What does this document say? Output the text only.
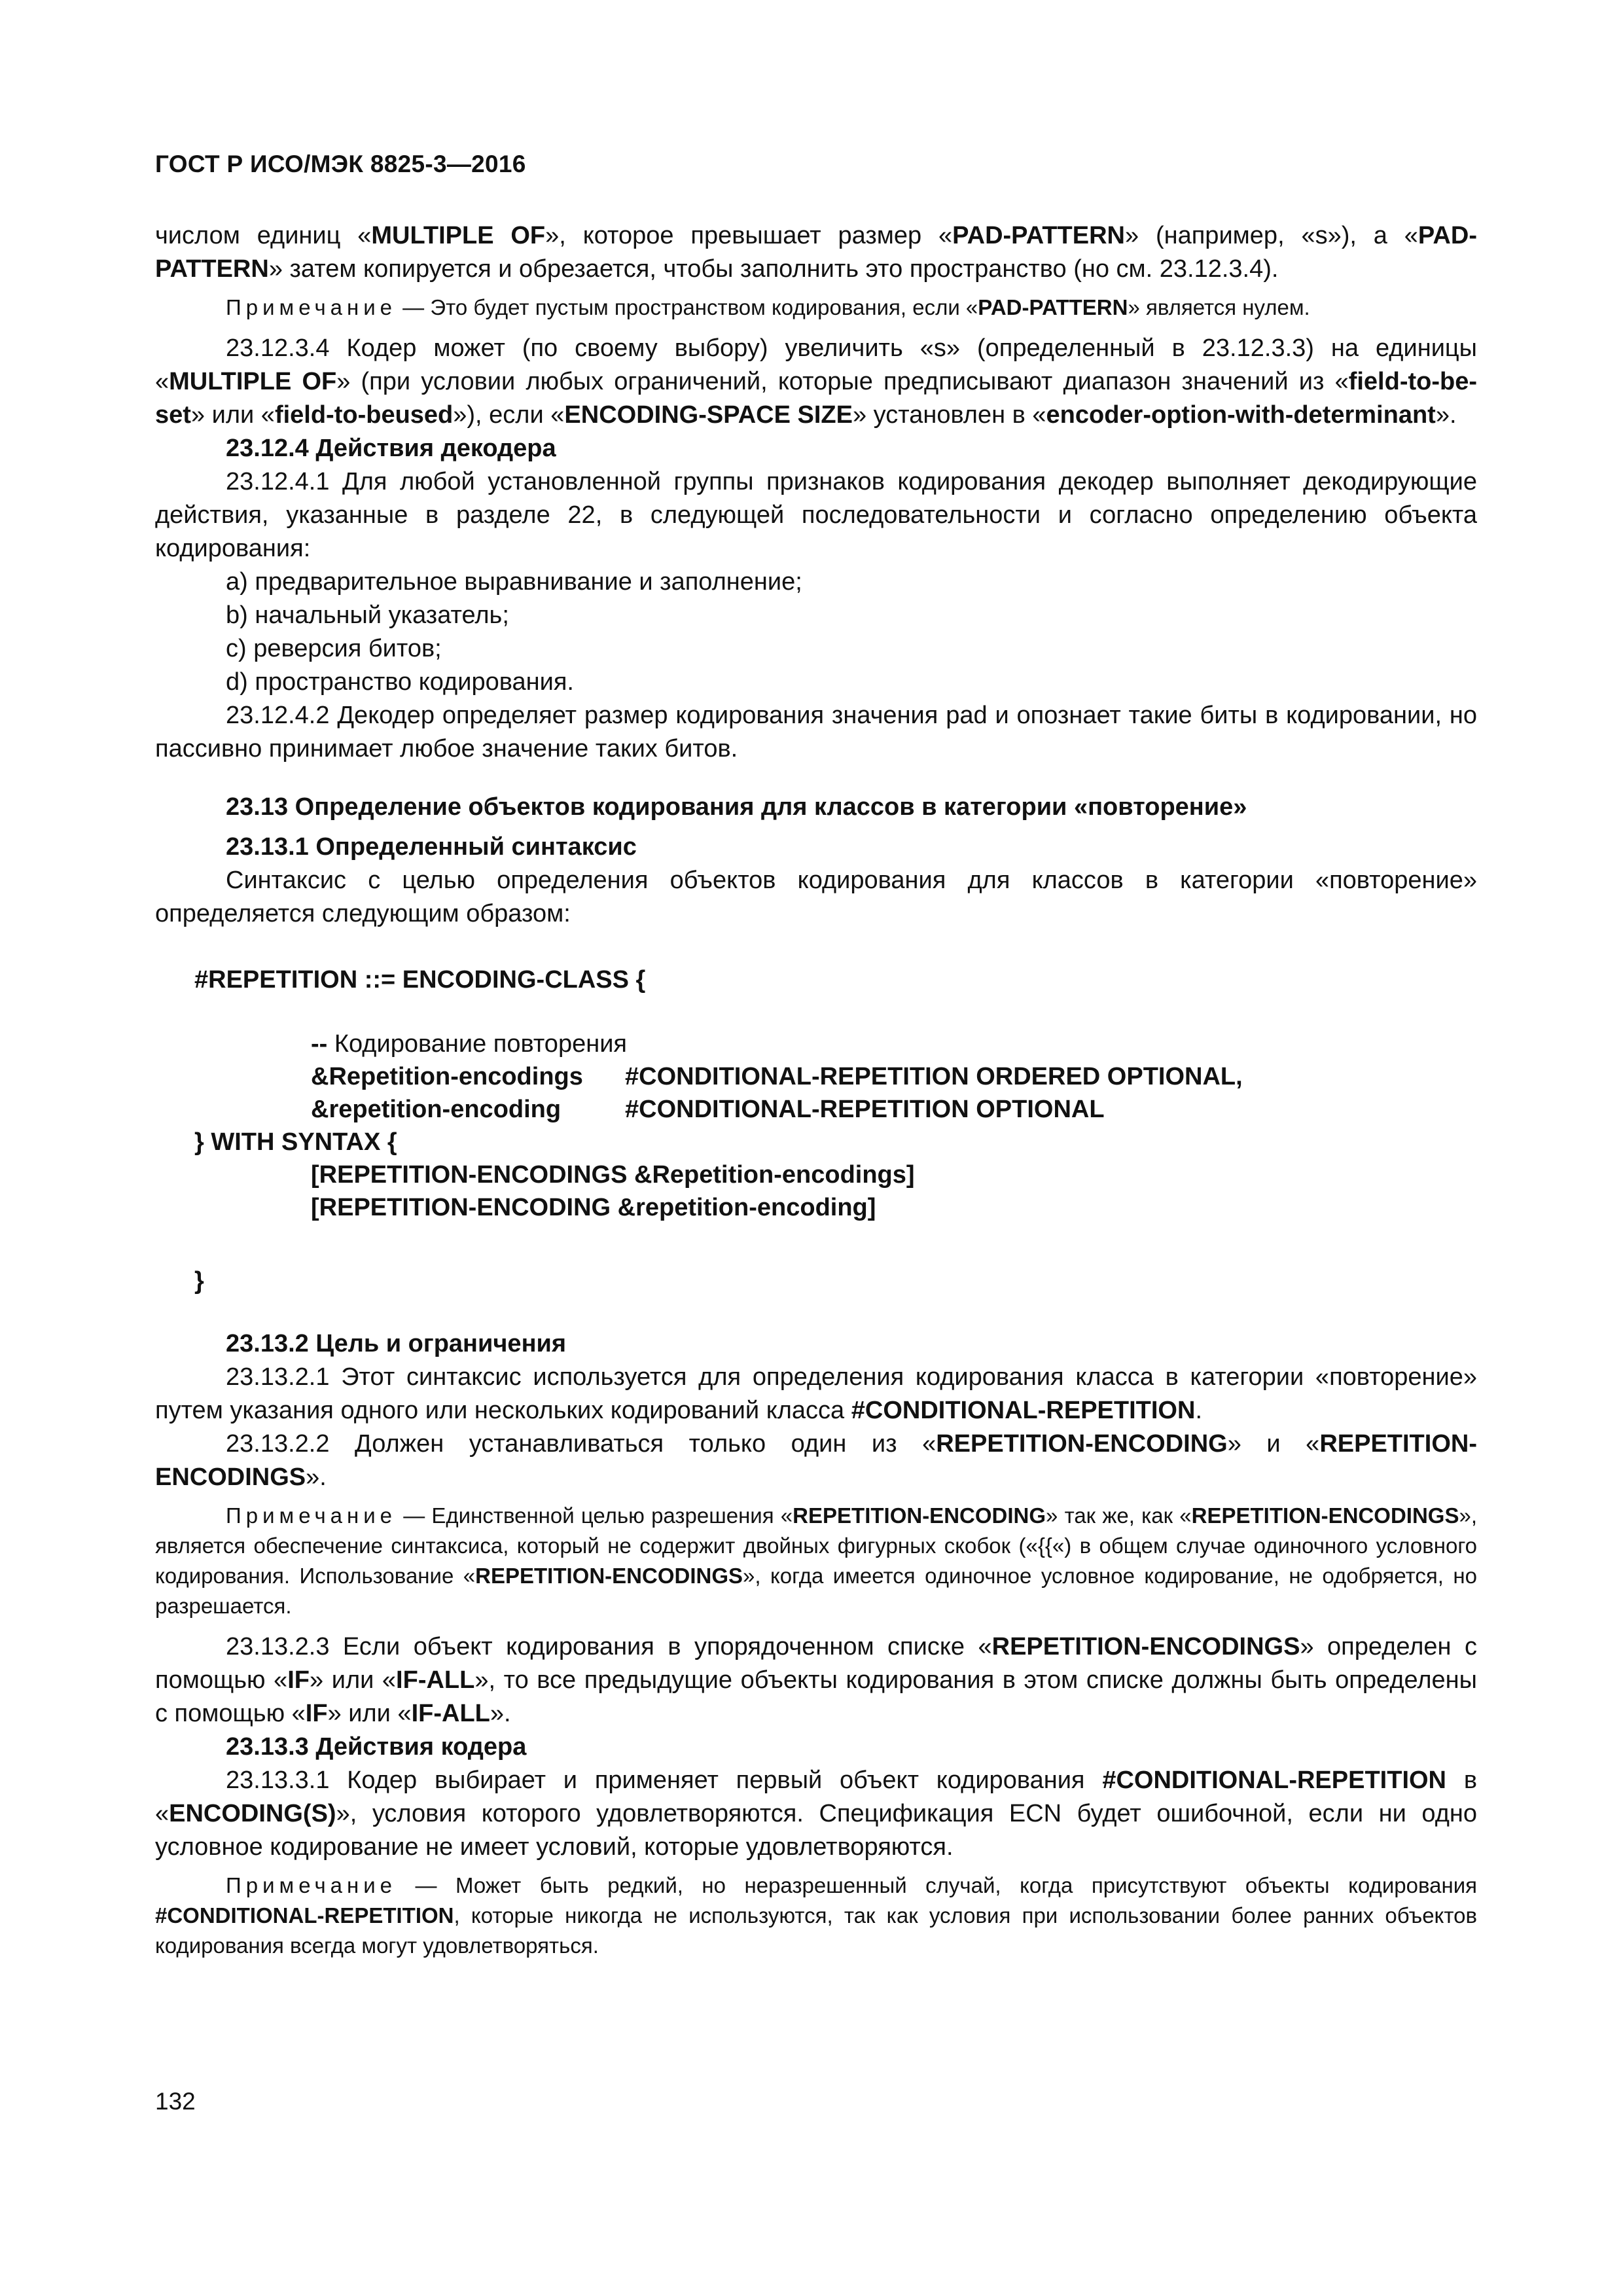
ГОСТ Р ИСО/МЭК 8825-3—2016

числом единиц «MULTIPLE OF», которое превышает размер «PAD-PATTERN» (например, «s»), а «PAD-PATTERN» затем копируется и обрезается, чтобы заполнить это пространство (но см. 23.12.3.4).

Примечание — Это будет пустым пространством кодирования, если «PAD-PATTERN» является нулем.

23.12.3.4 Кодер может (по своему выбору) увеличить «s» (определенный в 23.12.3.3) на единицы «MULTIPLE OF» (при условии любых ограничений, которые предписывают диапазон значений из «field-to-be-set» или «field-to-beused»), если «ENCODING-SPACE SIZE» установлен в «encoder-option-with-determinant».

23.12.4 Действия декодера

23.12.4.1 Для любой установленной группы признаков кодирования декодер выполняет декодирующие действия, указанные в разделе 22, в следующей последовательности и согласно определению объекта кодирования:

a) предварительное выравнивание и заполнение;

b) начальный указатель;

c) реверсия битов;

d) пространство кодирования.

23.12.4.2 Декодер определяет размер кодирования значения pad и опознает такие биты в кодировании, но пассивно принимает любое значение таких битов.

23.13 Определение объектов кодирования для классов в категории «повторение»

23.13.1 Определенный синтаксис

Синтаксис с целью определения объектов кодирования для классов в категории «повторение» определяется следующим образом:

#REPETITION ::= ENCODING-CLASS {

-- Кодирование повторения

&Repetition-encodings #CONDITIONAL-REPETITION ORDERED OPTIONAL,

&repetition-encoding	#CONDITIONAL-REPETITION OPTIONAL

} WITH SYNTAX {

[REPETITION-ENCODINGS &Repetition-encodings]

[REPETITION-ENCODING &repetition-encoding]

}

23.13.2 Цель и ограничения

23.13.2.1 Этот синтаксис используется для определения кодирования класса в категории «повторение» путем указания одного или нескольких кодирований класса #CONDITIONAL-REPETITION.

23.13.2.2 Должен устанавливаться только один из «REPETITION-ENCODING» и «REPETITION-ENCODINGS».

Примечание — Единственной целью разрешения «REPETITION-ENCODING» так же, как «REPETITION-ENCODINGS», является обеспечение синтаксиса, который не содержит двойных фигурных скобок («{{«) в общем случае одиночного условного кодирования. Использование «REPETITION-ENCODINGS», когда имеется одиночное условное кодирование, не одобряется, но разрешается.

23.13.2.3 Если объект кодирования в упорядоченном списке «REPETITION-ENCODINGS» определен с помощью «IF» или «IF-ALL», то все предыдущие объекты кодирования в этом списке должны быть определены с помощью «IF» или «IF-ALL».

23.13.3 Действия кодера

23.13.3.1 Кодер выбирает и применяет первый объект кодирования #CONDITIONAL-REPETITION в «ENCODING(S)», условия которого удовлетворяются. Спецификация ECN будет ошибочной, если ни одно условное кодирование не имеет условий, которые удовлетворяются.

Примечание — Может быть редкий, но неразрешенный случай, когда присутствуют объекты кодирования #CONDITIONAL-REPETITION, которые никогда не используются, так как условия при использовании более ранних объектов кодирования всегда могут удовлетворяться.

132
